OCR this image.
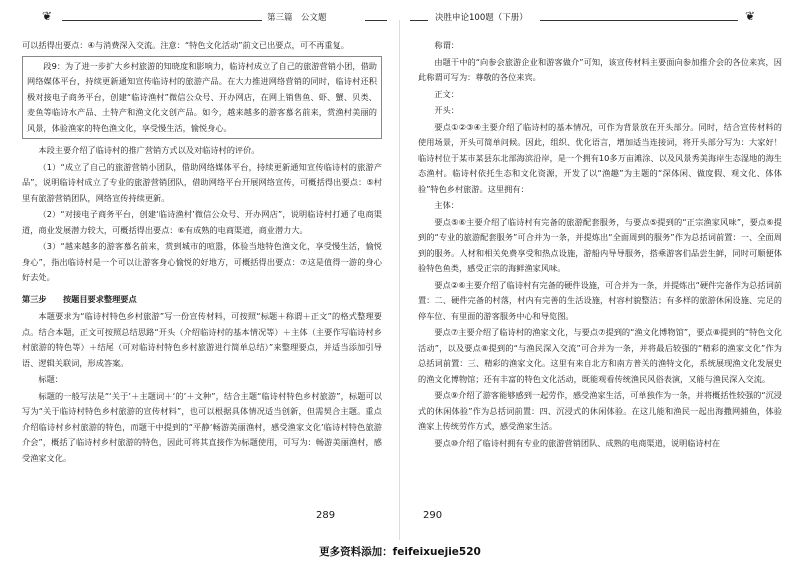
❦	第三篇　公文题

可以括得出要点：④与消费深入交流。注意：“特色文化活动”前文已出要点，可不再重复。

段9：为了进一步扩大乡村旅游的知晓度和影响力，临诗村成立了自己的旅游营销小团，借助网络媒体平台，持续更新通知宣传临诗村的旅游产品。在大力推进网络营销的同时，临诗村还积极对接电子商务平台，创建“临诗渔村”微信公众号、开办网店，在网上销售鱼、虾、蟹、贝类、麦鱼等临诗水产品、土特产和渔文化文创产品。如今，越来越多的游客慕名前来，赏渔村美丽的风景，体验渔家的特色渔文化，享受慢生活，愉悦身心。

本段主要介绍了临诗村的推广营销方式以及对临诗村的评价。

（1）“成立了自己的旅游营销小团队，借助网络媒体平台，持续更新通知宣传临诗村的旅游产品”，说明临诗村成立了专业的旅游营销团队，借助网络平台开展网络宣传，可概括得出要点：⑤村里有旅游营销团队，网络宣传持续更新。

（2）“对接电子商务平台，创建‘临诗渔村’微信公众号、开办网店”，说明临诗村打通了电商渠道，商业发展潜力较大，可概括得出要点：⑥有成熟的电商渠道，商业潜力大。

（3）“越来越多的游客慕名前来，赏到城市的喧嚣，体验当地特色渔文化，享受慢生活，愉悦身心”，指出临诗村是一个可以让游客身心愉悦的好地方，可概括得出要点：⑦这是值得一游的身心好去处。

第三步　　按题目要求整理要点

本题要求为“临诗村特色乡村旅游”写一份宣传材料，可按照“标题＋称谓＋正文”的格式整理要点。结合本题，正文可按照总结思路“开头（介绍临诗村的基本情况等）＋主体（主要作写临诗村乡村旅游的特色等）＋结尾（可对临诗村特色乡村旅游进行简单总结）”来整理要点，并适当添加引导语、逻辑关联词，形成答案。

标题：

标题的一般写法是“‘关于’＋主题词＋‘的’＋文种”，结合主题“临诗村特色乡村旅游”，标题可以写为“关于临诗村特色乡村旅游的宣传材料”，也可以根据具体情况适当创新，但需契合主题。重点介绍临诗村乡村旅游的特色，而题干中提到的“平静‘畅游美丽渔村，感受渔家文化’临诗村特色旅游介会”，概括了临诗村乡村旅游的特色，因此可将其直接作为标题使用，可写为：畅游美丽渔村，感受渔家文化。

289
决胜申论100题（下册）	❦

称谓：

由题干中的“向参会旅游企业和游客做介”可知，该宣传材料主要面向参加推介会的各位来宾，因此称谓可写为：尊敬的各位来宾。

正文：

开头：

要点①②③④主要介绍了临诗村的基本情况，可作为背景放在开头部分。同时，结合宣传材料的使用场景，开头可简单问候。因此，组织、优化语言，增加适当连接词，将开头部分写为：大家好！临诗村位于某市某县东北部海滨沿岸，是一个拥有10多万亩滩涂、以及风景秀美海岸生态湿地的海生态渔村。临诗村依托生态和文化资源，开发了以“渔趣”为主题的“深体闲、做度假、观文化、体体验”特色乡村旅游。这里拥有：

主体：

要点⑤⑥主要介绍了临诗村有完备的旅游配套服务，与要点⑤提到的“正宗渔家风味”，要点⑥提到的“专业的旅游配套服务”可合并为一条，并提炼出“全面周到的服务”作为总括词前置：一、全面周到的服务。人材和相关免费享受和热点设施，游船内导导服务，搭乘游客们品尝生鲜，同时可顺便体验特色鱼类，感受正宗的海鲜渔家风味。

要点②⑥主要介绍了临诗村有完备的硬件设施，可合并为一条，并提炼出“硬件完备作为总括词前置：二、硬件完备的村落，村内有完善的生活设施，村容村貌整洁；有多样的旅游休闲设施、完足的停车位、有里面的游客服务中心和导览图。

要点⑦主要介绍了临诗村的渔家文化，与要点⑦提到的“渔文化博物馆”，要点⑧提到的“特色文化活动”，以及要点⑧提到的“与渔民深入交流”可合并为一条，并将最后较强的“精彩的渔家文化”作为总括词前置：三、精彩的渔家文化。这里有来自北方和南方普关的渔特文化，系统展现渔文化发展史的渔文化博物馆；还有丰富的特色文化活动，既能观看传统渔民风俗表演，又能与渔民深入交流。

要点⑨介绍了游客能够感到一起劳作，感受渔家生活，可单独作为一条，并将概括性较强的“沉浸式的休闲体验”作为总括词前置：四、沉浸式的休闲体验。在这儿能和渔民一起出海撒网捕鱼，体验渔家上传统劳作方式，感受渔家生活。

要点⑩介绍了临诗村拥有专业的旅游营销团队、成熟的电商渠道，说明临诗村在

290
更多资料添加：feifeixuejie520
